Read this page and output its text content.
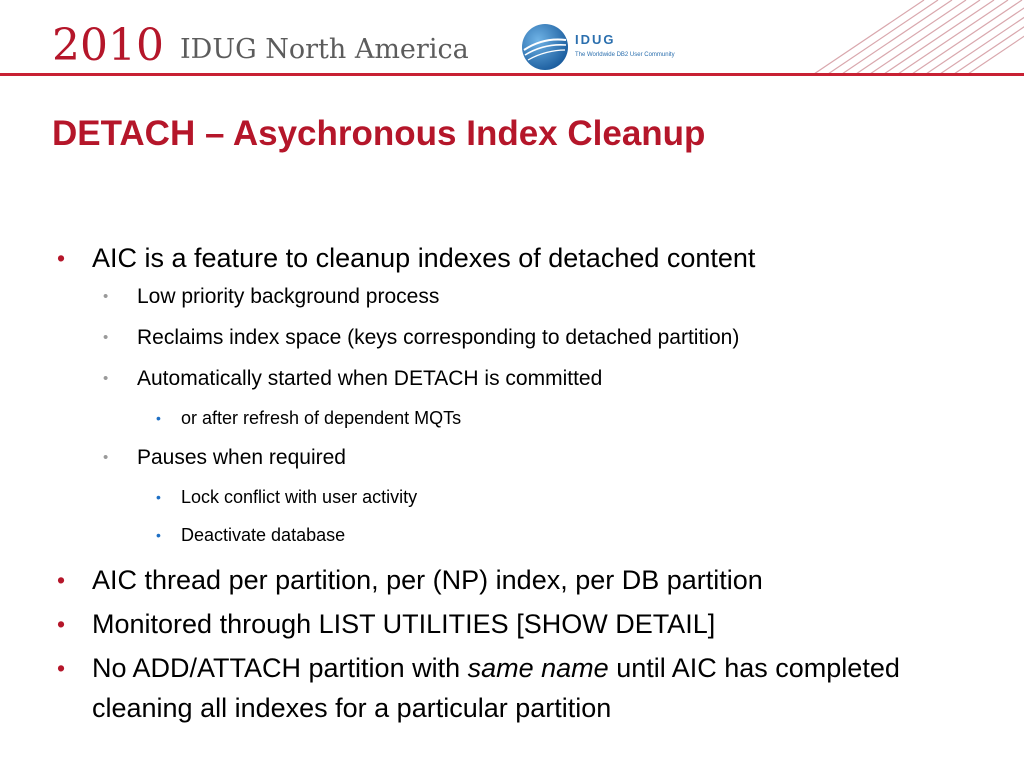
2010 IDUG North America	IDUG
The Worldwide DB2 User Community
DETACH – Asychronous Index Cleanup
• AIC is a feature to cleanup indexes of detached content
• Low priority background process
• Reclaims index space (keys corresponding to detached partition)
• Automatically started when DETACH is committed
• or after refresh of dependent MQTs
• Pauses when required
• Lock conflict with user activity
• Deactivate database
• AIC thread per partition, per (NP) index, per DB partition
• Monitored through LIST UTILITIES [SHOW DETAIL]
• No ADD/ATTACH partition with same name until AIC has completed cleaning all indexes for a particular partition
